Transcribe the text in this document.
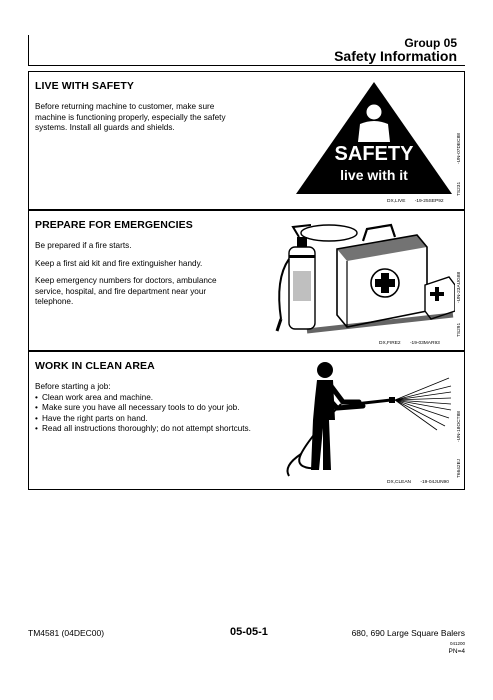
Group 05
Safety Information
LIVE WITH SAFETY

Before returning machine to customer, make sure machine is functioning properly, especially the safety systems. Install all guards and shields.

SAFETY
live with it
DX,LIVE -19-25SEP92
TS231
-UN-07DEC88
PREPARE FOR EMERGENCIES

Be prepared if a fire starts.

Keep a first aid kit and fire extinguisher handy.

Keep emergency numbers for doctors, ambulance service, hospital, and fire department near your telephone.

DX,FIRE2 -19-03MAR93
TS291
-UN-23AUG88
WORK IN CLEAN AREA

Before starting a job:

• Clean work area and machine.
• Make sure you have all necessary tools to do your job.
• Have the right parts on hand.
• Read all instructions thoroughly; do not attempt shortcuts.
DX,CLEAN -19-04JUN90
T6642EJ
-UN-18OCT88
TM4581 (04DEC00)	05-05-1	680, 690 Large Square Balers
041200
PN=4
